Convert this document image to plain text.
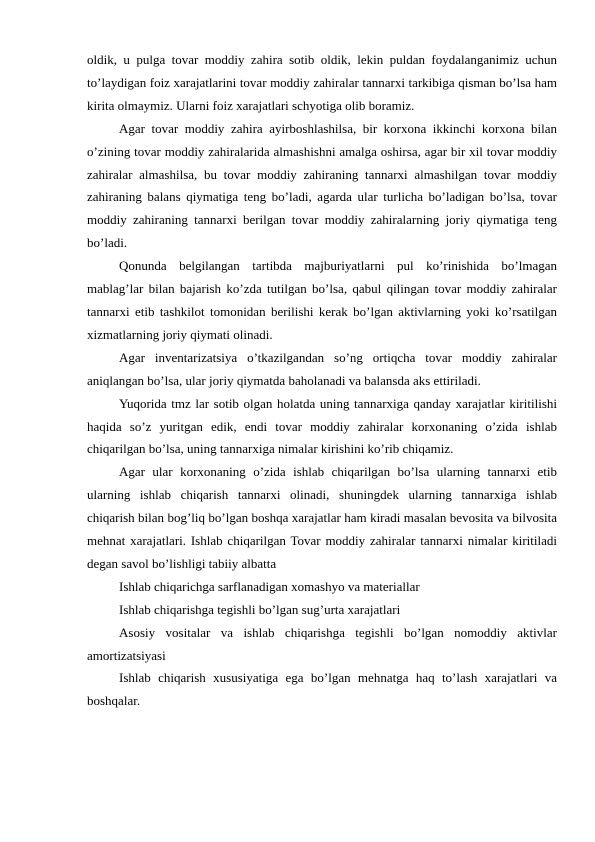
oldik, u pulga tovar moddiy zahira sotib oldik, lekin puldan foydalanganimiz uchun to’laydigan foiz xarajatlarini tovar moddiy zahiralar tannarxi tarkibiga qisman bo’lsa ham kirita olmaymiz. Ularni foiz xarajatlari schyotiga olib boramiz.

Agar tovar moddiy zahira ayirboshlashilsa, bir korxona ikkinchi korxona bilan o’zining tovar moddiy zahiralarida almashishni amalga oshirsa, agar bir xil tovar moddiy zahiralar almashilsa, bu tovar moddiy zahiraning tannarxi almashilgan tovar moddiy zahiraning balans qiymatiga teng bo’ladi, agarda ular turlicha bo’ladigan bo’lsa, tovar moddiy zahiraning tannarxi berilgan tovar moddiy zahiralarning joriy qiymatiga teng bo’ladi.

Qonunda belgilangan tartibda majburiyatlarni pul ko’rinishida bo’lmagan mablag’lar bilan bajarish ko’zda tutilgan bo’lsa, qabul qilingan tovar moddiy zahiralar tannarxi etib tashkilot tomonidan berilishi kerak bo’lgan aktivlarning yoki ko’rsatilgan xizmatlarning joriy qiymati olinadi.

Agar inventarizatsiya o’tkazilgandan so’ng ortiqcha tovar moddiy zahiralar aniqlangan bo’lsa, ular joriy qiymatda baholanadi va balansda aks ettiriladi.

Yuqorida tmz lar sotib olgan holatda uning tannarxiga qanday xarajatlar kiritilishi haqida so’z yuritgan edik, endi tovar moddiy zahiralar korxonaning o’zida ishlab chiqarilgan bo’lsa, uning tannarxiga nimalar kirishini ko’rib chiqamiz.

Agar ular korxonaning o’zida ishlab chiqarilgan bo’lsa ularning tannarxi etib ularning ishlab chiqarish tannarxi olinadi, shuningdek ularning tannarxiga ishlab chiqarish bilan bog’liq bo’lgan boshqa xarajatlar ham kiradi masalan bevosita va bilvosita mehnat xarajatlari. Ishlab chiqarilgan Tovar moddiy zahiralar tannarxi nimalar kiritiladi degan savol bo’lishligi tabiiy albatta

Ishlab chiqarichga sarflanadigan xomashyo va materiallar

Ishlab chiqarishga tegishli bo’lgan sug’urta xarajatlari

Asosiy vositalar va ishlab chiqarishga tegishli bo’lgan nomoddiy aktivlar amortizatsiyasi

Ishlab chiqarish xususiyatiga ega bo’lgan mehnatga haq to’lash xarajatlari va boshqalar.
